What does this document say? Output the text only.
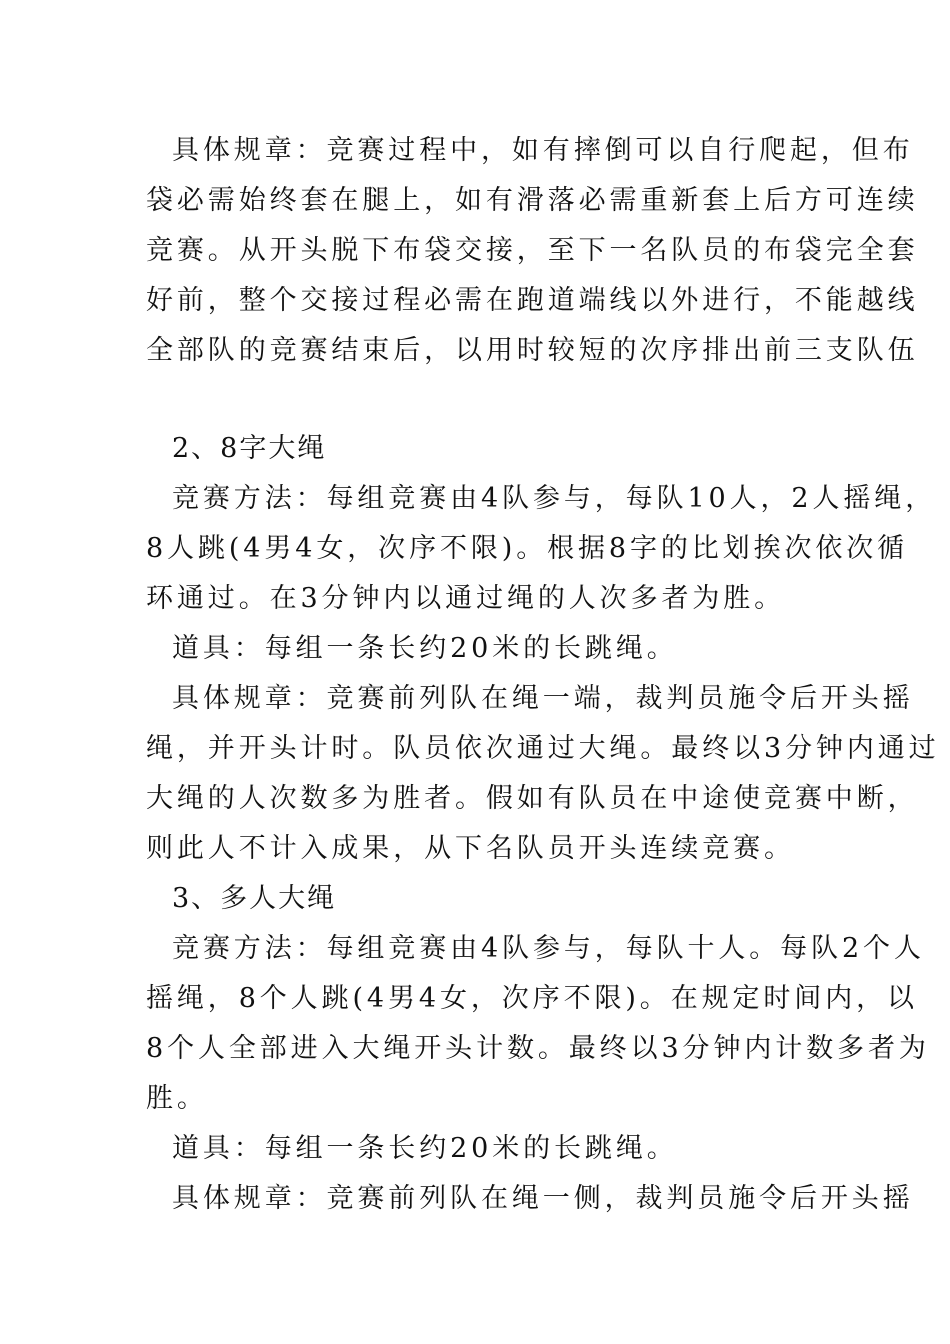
具体规章：竞赛过程中，如有摔倒可以自行爬起，但布

袋必需始终套在腿上，如有滑落必需重新套上后方可连续

竞赛。从开头脱下布袋交接，至下一名队员的布袋完全套

好前，整个交接过程必需在跑道端线以外进行，不能越线

全部队的竞赛结束后，以用时较短的次序排出前三支队伍

2、8字大绳

竞赛方法：每组竞赛由4队参与，每队10人，2人摇绳，

8人跳(4男4女，次序不限)。根据8字的比划挨次依次循

环通过。在3分钟内以通过绳的人次多者为胜。

道具：每组一条长约20米的长跳绳。

具体规章：竞赛前列队在绳一端，裁判员施令后开头摇

绳，并开头计时。队员依次通过大绳。最终以3分钟内通过

大绳的人次数多为胜者。假如有队员在中途使竞赛中断，

则此人不计入成果，从下名队员开头连续竞赛。

3、多人大绳

竞赛方法：每组竞赛由4队参与，每队十人。每队2个人

摇绳，8个人跳(4男4女，次序不限)。在规定时间内，以

8个人全部进入大绳开头计数。最终以3分钟内计数多者为

胜。

道具：每组一条长约20米的长跳绳。

具体规章：竞赛前列队在绳一侧，裁判员施令后开头摇
